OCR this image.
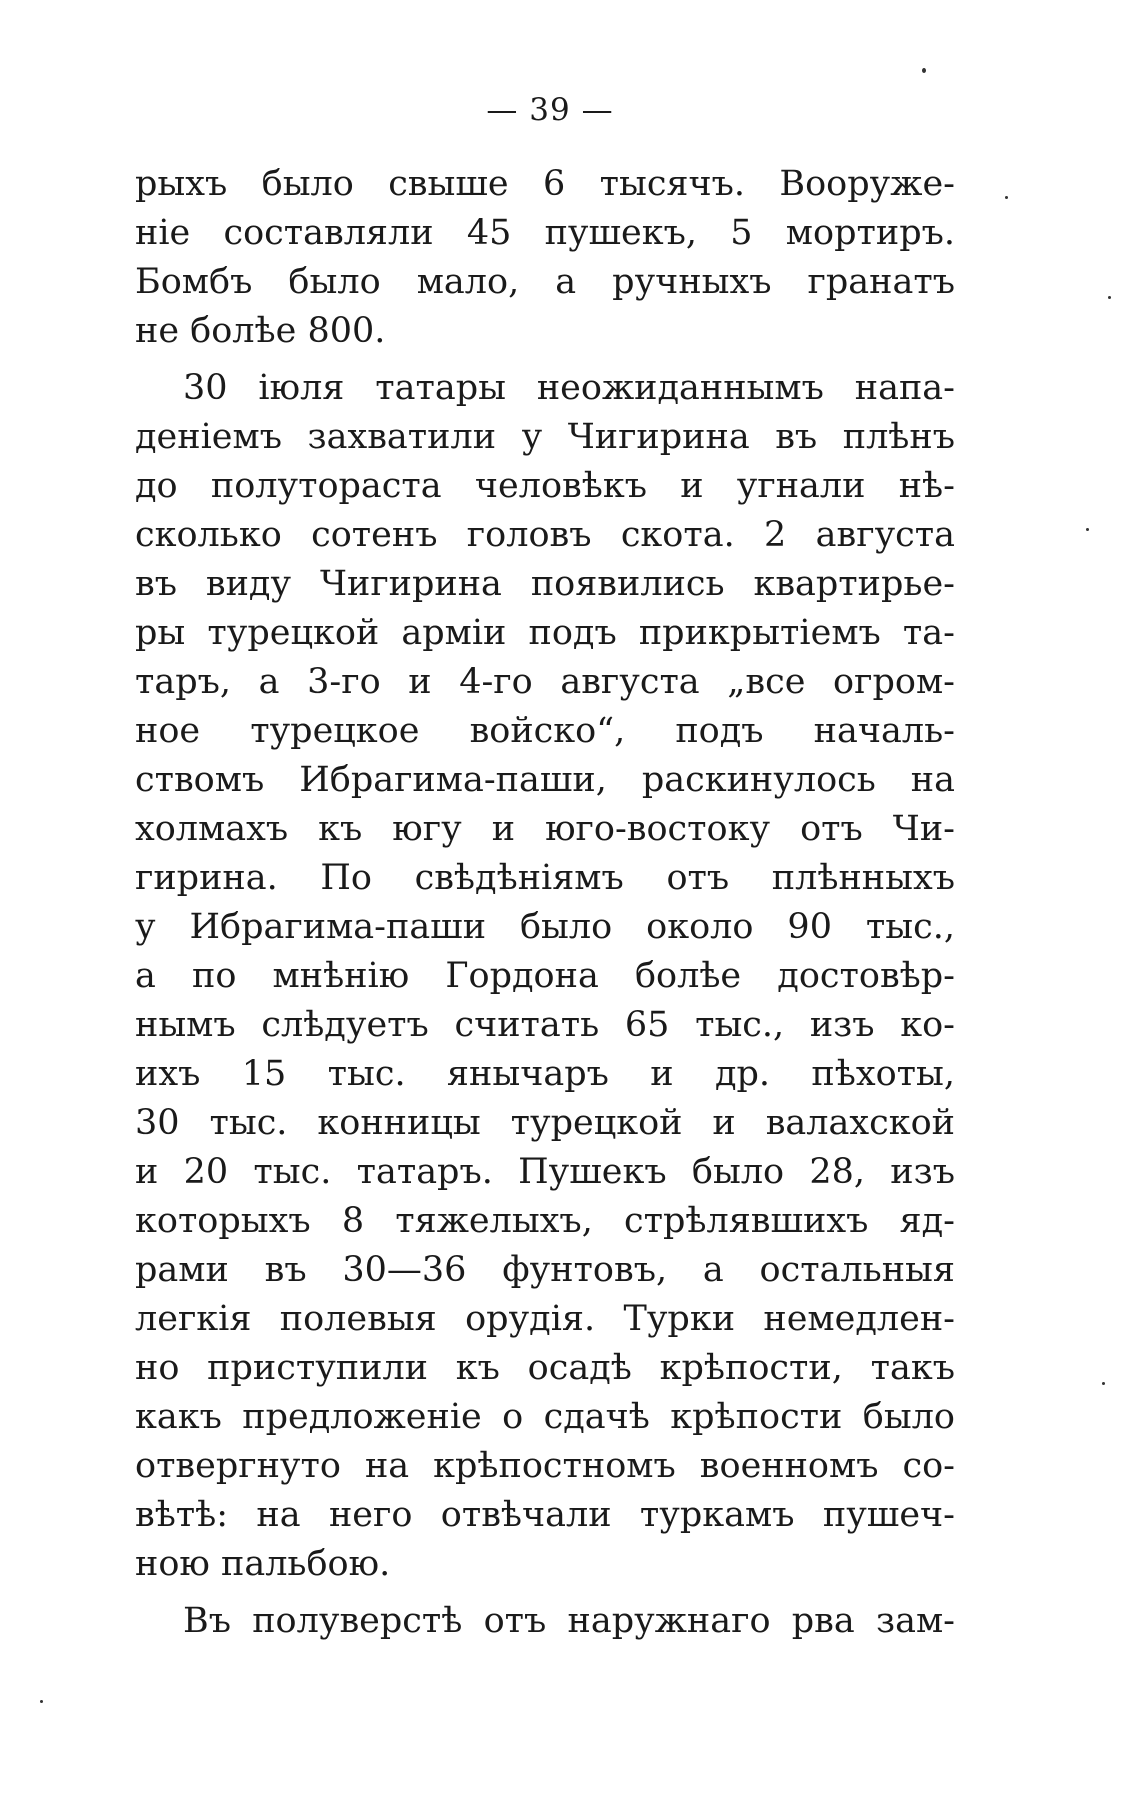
— 39 —
рыхъ было свыше 6 тысячъ. Вооруже-
ніе составляли 45 пушекъ, 5 мортиръ.
Бомбъ было мало, а ручныхъ гранатъ
не болѣе 800.
30 іюля татары неожиданнымъ напа-
деніемъ захватили у Чигирина въ плѣнъ
до полутораста человѣкъ и угнали нѣ-
сколько сотенъ головъ скота. 2 августа
въ виду Чигирина появились квартирье-
ры турецкой арміи подъ прикрытіемъ та-
таръ, а 3-го и 4-го августа „все огром-
ное турецкое войско“, подъ началь-
ствомъ Ибрагима-паши, раскинулось на
холмахъ къ югу и юго-востоку отъ Чи-
гирина. По свѣдѣніямъ отъ плѣнныхъ
у Ибрагима-паши было около 90 тыс.,
а по мнѣнію Гордона болѣе достовѣр-
нымъ слѣдуетъ считать 65 тыс., изъ ко-
ихъ 15 тыс. янычаръ и др. пѣхоты,
30 тыс. конницы турецкой и валахской
и 20 тыс. татаръ. Пушекъ было 28, изъ
которыхъ 8 тяжелыхъ, стрѣлявшихъ яд-
рами въ 30—36 фунтовъ, а остальныя
легкія полевыя орудія. Турки немедлен-
но приступили къ осадѣ крѣпости, такъ
какъ предложеніе о сдачѣ крѣпости было
отвергнуто на крѣпостномъ военномъ со-
вѣтѣ: на него отвѣчали туркамъ пушеч-
ною пальбою.
Въ полуверстѣ отъ наружнаго рва зам-
